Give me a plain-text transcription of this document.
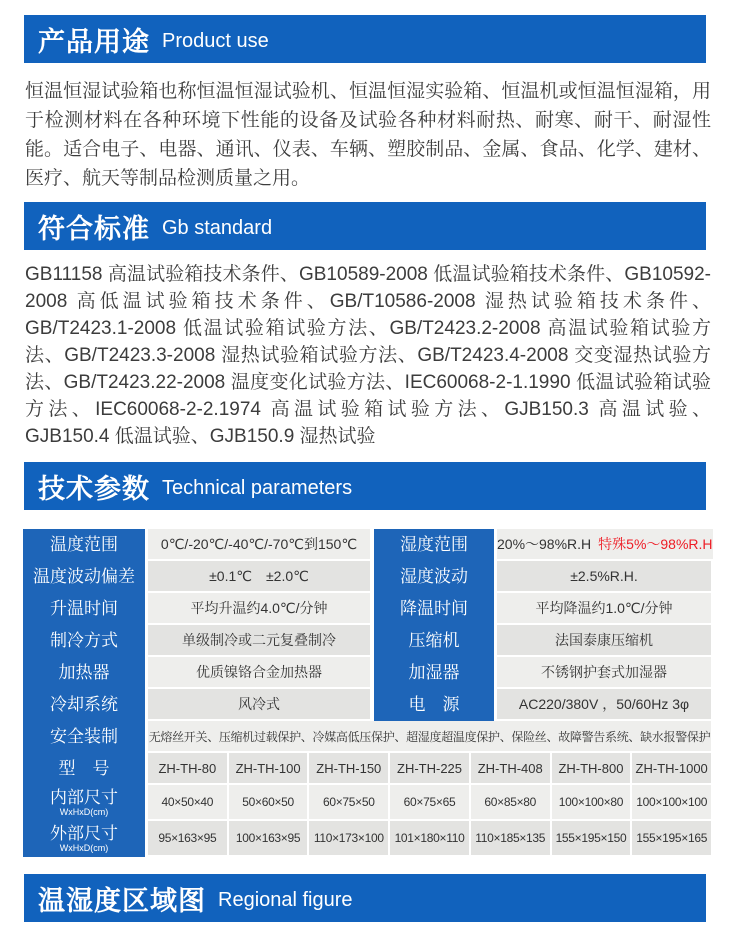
产品用途 Product use
恒温恒湿试验箱也称恒温恒湿试验机、恒温恒湿实验箱、恒温机或恒温恒湿箱，用于检测材料在各种环境下性能的设备及试验各种材料耐热、耐寒、耐干、耐湿性能。适合电子、电器、通讯、仪表、车辆、塑胶制品、金属、食品、化学、建材、医疗、航天等制品检测质量之用。
符合标准 Gb standard
GB11158 高温试验箱技术条件、GB10589-2008 低温试验箱技术条件、GB10592-2008 高低温试验箱技术条件、GB/T10586-2008 湿热试验箱技术条件、GB/T2423.1-2008 低温试验箱试验方法、GB/T2423.2-2008 高温试验箱试验方法、GB/T2423.3-2008 湿热试验箱试验方法、GB/T2423.4-2008 交变湿热试验方法、GB/T2423.22-2008 温度变化试验方法、IEC60068-2-1.1990 低温试验箱试验方法、IEC60068-2-2.1974 高温试验箱试验方法、GJB150.3 高温试验、GJB150.4 低温试验、GJB150.9 湿热试验
技术参数 Technical parameters
温度范围	0℃/-20℃/-40℃/-70℃到150℃	湿度范围	20%～98%R.H 特殊5%～98%R.H
温度波动偏差	±0.1℃　±2.0℃	湿度波动	±2.5%R.H.
升温时间	平均升温约4.0℃/分钟	降温时间	平均降温约1.0℃/分钟
制冷方式	单级制冷或二元复叠制冷	压缩机	法国泰康压缩机
加热器	优质镍铬合金加热器	加湿器	不锈钢护套式加湿器
冷却系统	风冷式	电　源	AC220/380V ，50/60Hz 3φ
安全装制	无熔丝开关、压缩机过载保护、冷媒高低压保护、超湿度超温度保护、保险丝、故障警告系统、缺水报警保护
型　号	ZH-TH-80	ZH-TH-100	ZH-TH-150	ZH-TH-225	ZH-TH-408	ZH-TH-800 ZH-TH-1000
内部尺寸
WxHxD(cm)
40×50×40	50×60×50	60×75×50	60×75×65	60×85×80	100×100×80	100×100×100
外部尺寸
WxHxD(cm)
95×163×95	100×163×95	110×173×100 101×180×110 110×185×135 155×195×150 155×195×165
温湿度区域图 Regional figure
